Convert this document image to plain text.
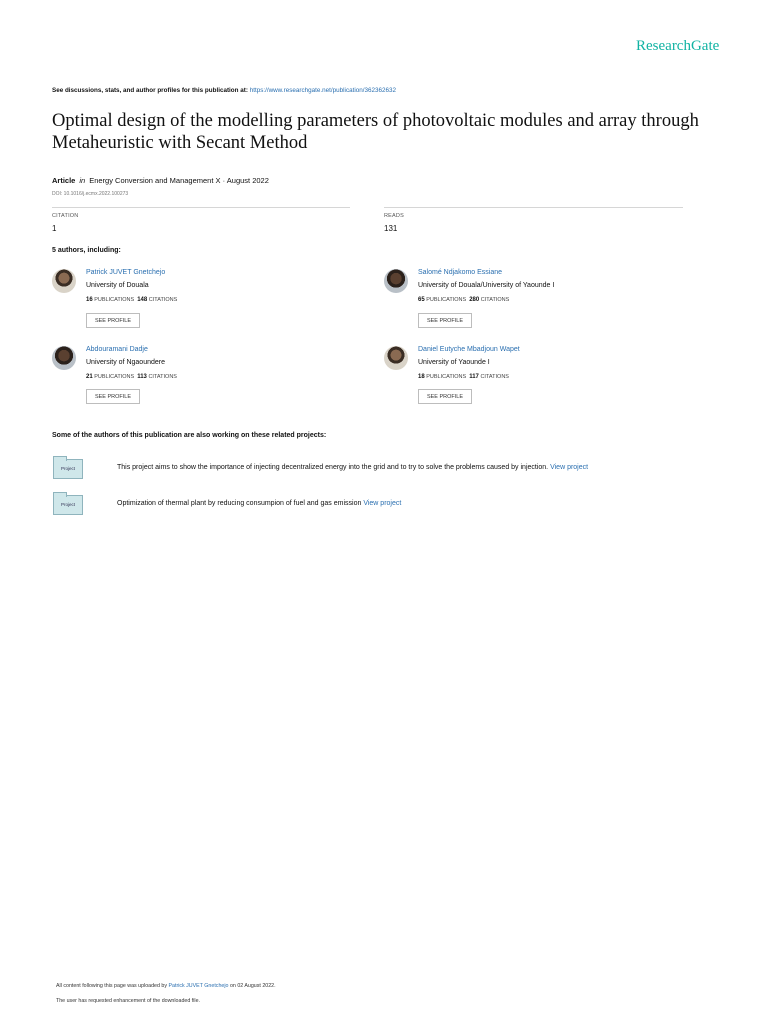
ResearchGate
See discussions, stats, and author profiles for this publication at: https://www.researchgate.net/publication/362362632
Optimal design of the modelling parameters of photovoltaic modules and array through Metaheuristic with Secant Method
Article in Energy Conversion and Management X · August 2022
DOI: 10.1016/j.ecmx.2022.100273
CITATION
1
READS
131
5 authors, including:
Patrick JUVET Gnetchejo
University of Douala
16 PUBLICATIONS 148 CITATIONS
SEE PROFILE
Salomé Ndjakomo Essiane
University of Douala/University of Yaounde I
65 PUBLICATIONS 280 CITATIONS
SEE PROFILE
Abdouramani Dadje
University of Ngaoundere
21 PUBLICATIONS 113 CITATIONS
SEE PROFILE
Daniel Eutyche Mbadjoun Wapet
University of Yaounde I
18 PUBLICATIONS 117 CITATIONS
SEE PROFILE
Some of the authors of this publication are also working on these related projects:
Project	This project aims to show the importance of injecting decentralized energy into the grid and to try to solve the problems caused by injection. View project
Project	Optimization of thermal plant by reducing consumpion of fuel and gas emission View project
All content following this page was uploaded by Patrick JUVET Gnetchejo on 02 August 2022.
The user has requested enhancement of the downloaded file.
